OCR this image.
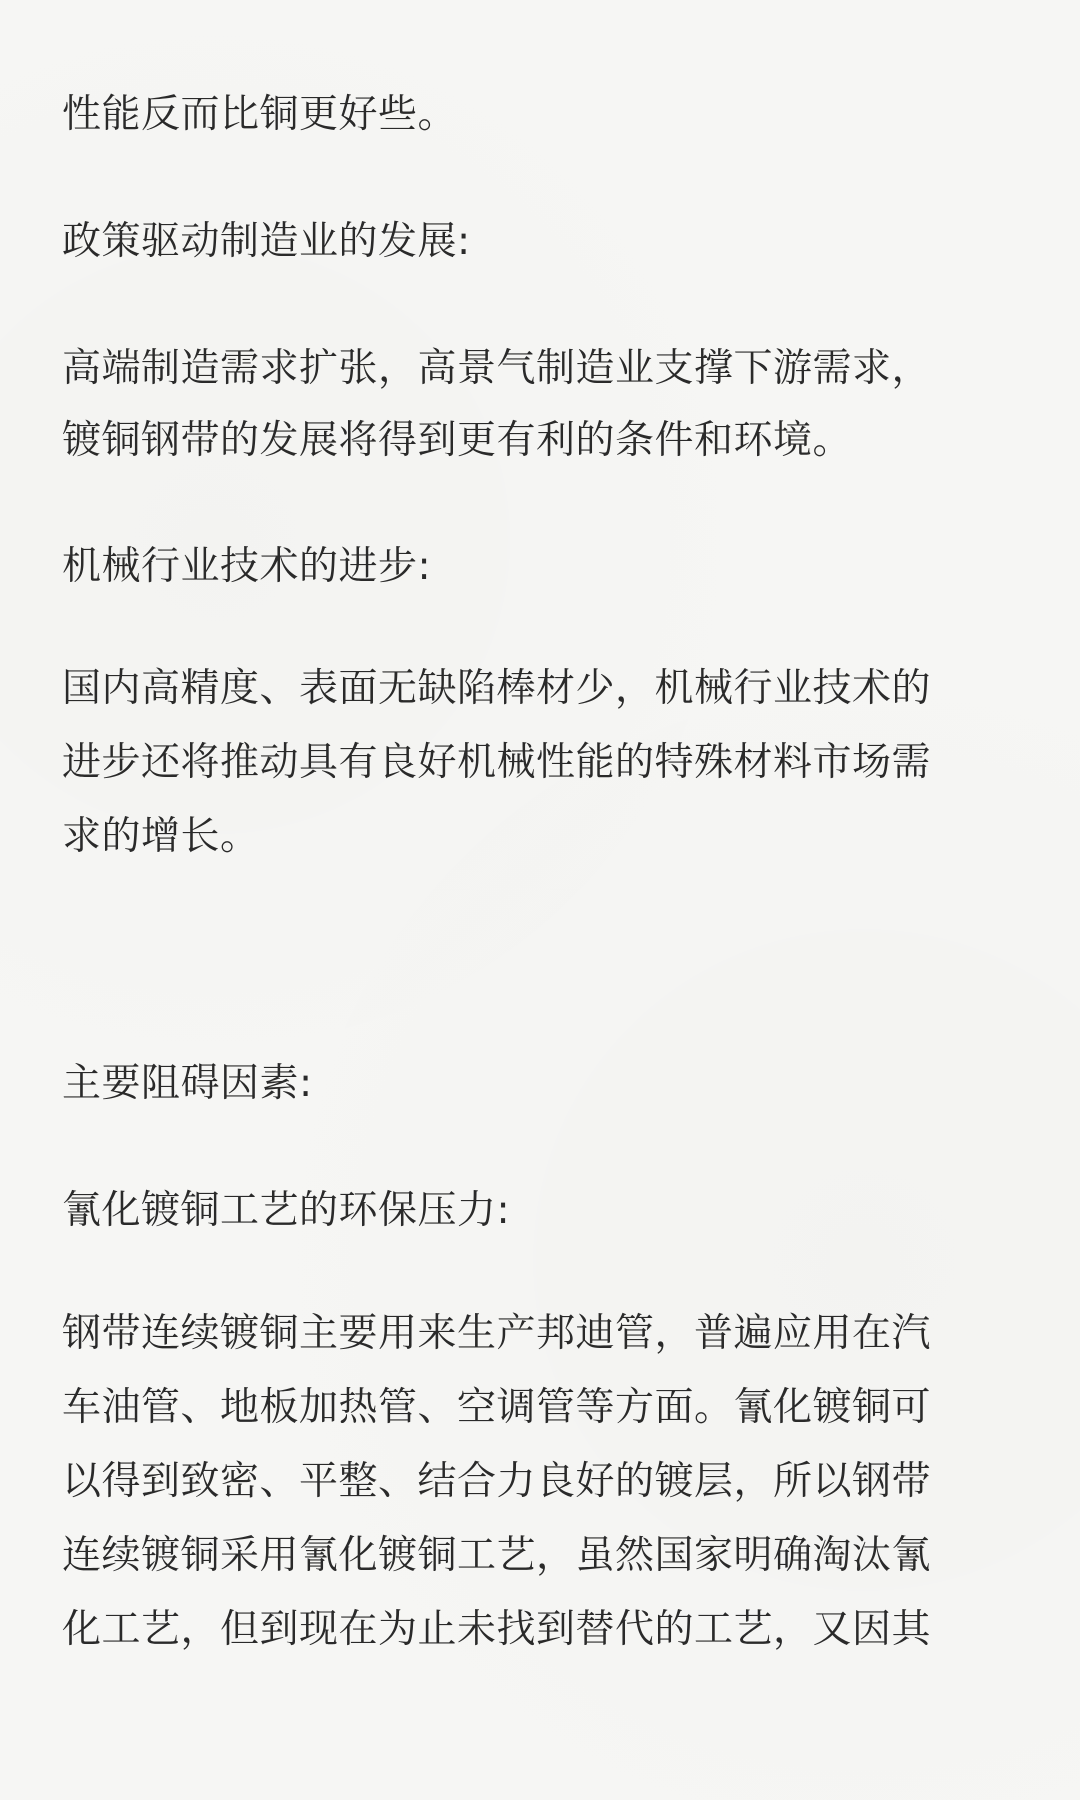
性能反而比铜更好些。
政策驱动制造业的发展:
高端制造需求扩张，高景气制造业支撑下游需求，
镀铜钢带的发展将得到更有利的条件和环境。
机械行业技术的进步:
国内高精度、表面无缺陷棒材少，机械行业技术的
进步还将推动具有良好机械性能的特殊材料市场需
求的增长。
主要阻碍因素:
氰化镀铜工艺的环保压力:
钢带连续镀铜主要用来生产邦迪管，普遍应用在汽
车油管、地板加热管、空调管等方面。氰化镀铜可
以得到致密、平整、结合力良好的镀层，所以钢带
连续镀铜采用氰化镀铜工艺，虽然国家明确淘汰氰
化工艺，但到现在为止未找到替代的工艺，又因其
